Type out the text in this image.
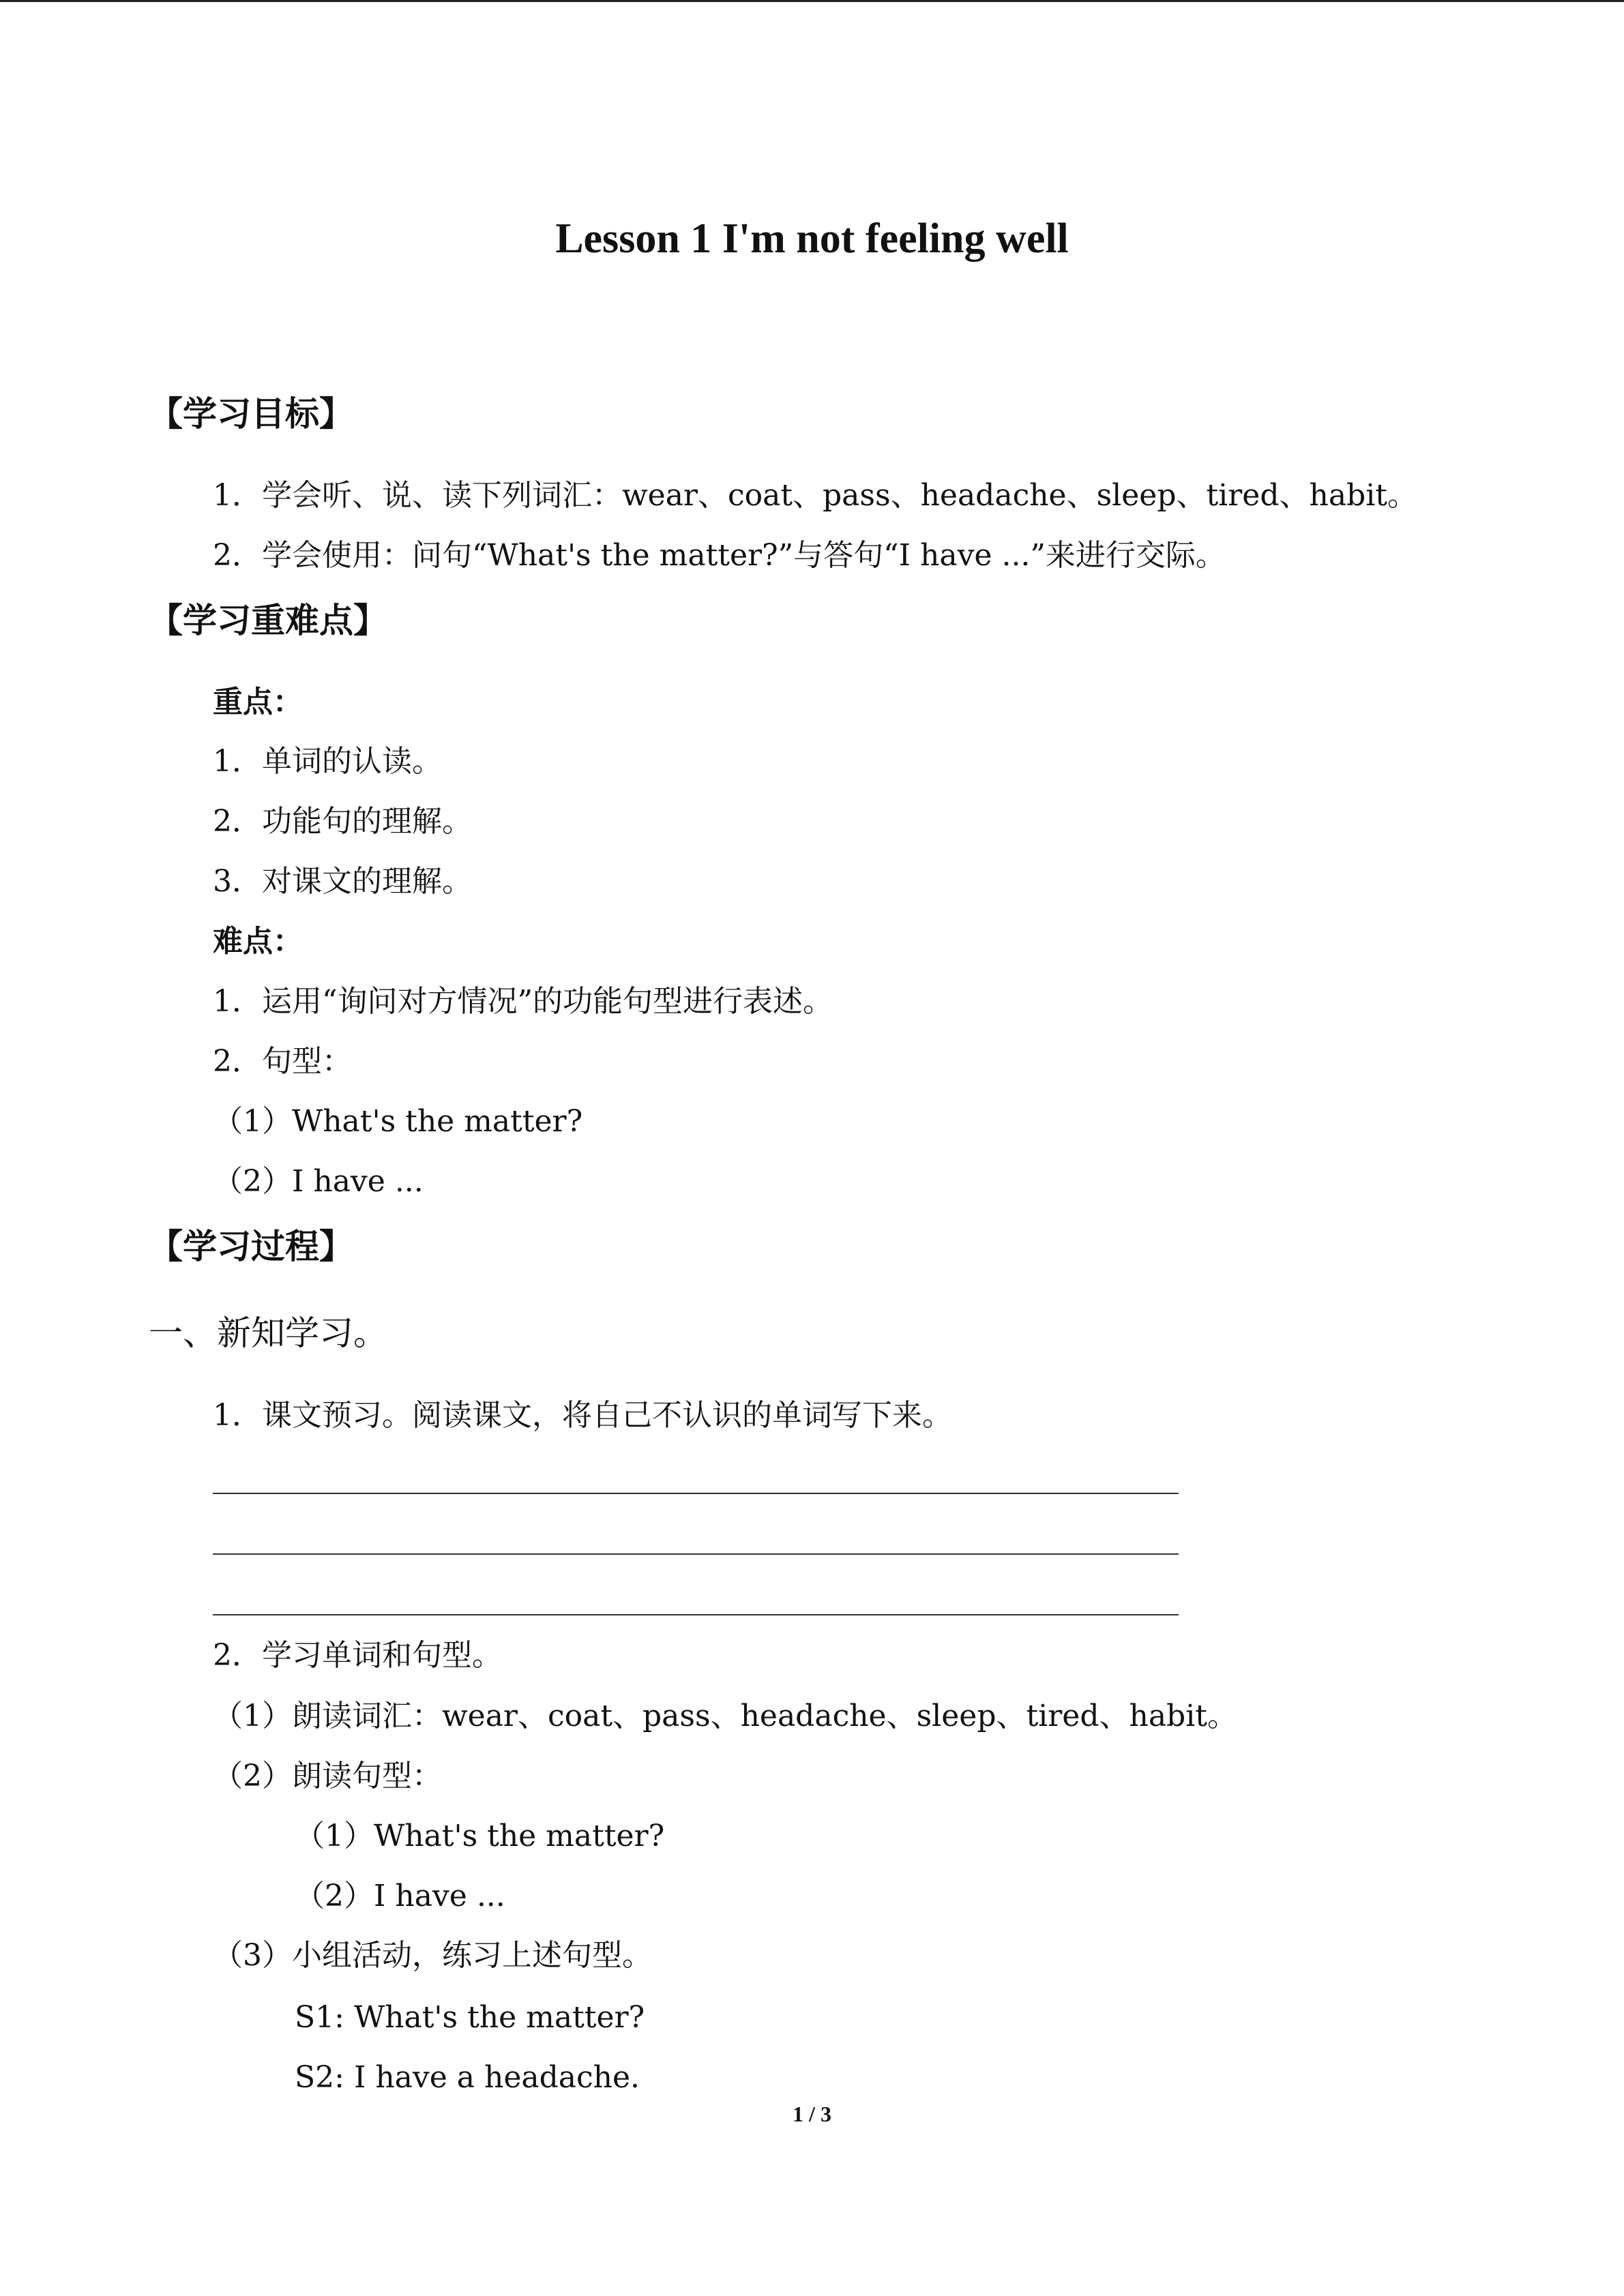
Lesson 1 I'm not feeling well
【学习目标】
1．学会听、说、读下列词汇：wear、coat、pass、headache、sleep、tired、habit。
2．学会使用：问句“What's the matter?”与答句“I have ...”来进行交际。
【学习重难点】
重点：
1．单词的认读。
2．功能句的理解。
3．对课文的理解。
难点：
1．运用“询问对方情况”的功能句型进行表述。
2．句型：
（1）What's the matter?
（2）I have ...
【学习过程】
一、新知学习。
1．课文预习。阅读课文，将自己不认识的单词写下来。
2．学习单词和句型。
（1）朗读词汇：wear、coat、pass、headache、sleep、tired、habit。
（2）朗读句型：
（1）What's the matter?
（2）I have ...
（3）小组活动，练习上述句型。
S1: What's the matter?
S2: I have a headache.
1 / 3
